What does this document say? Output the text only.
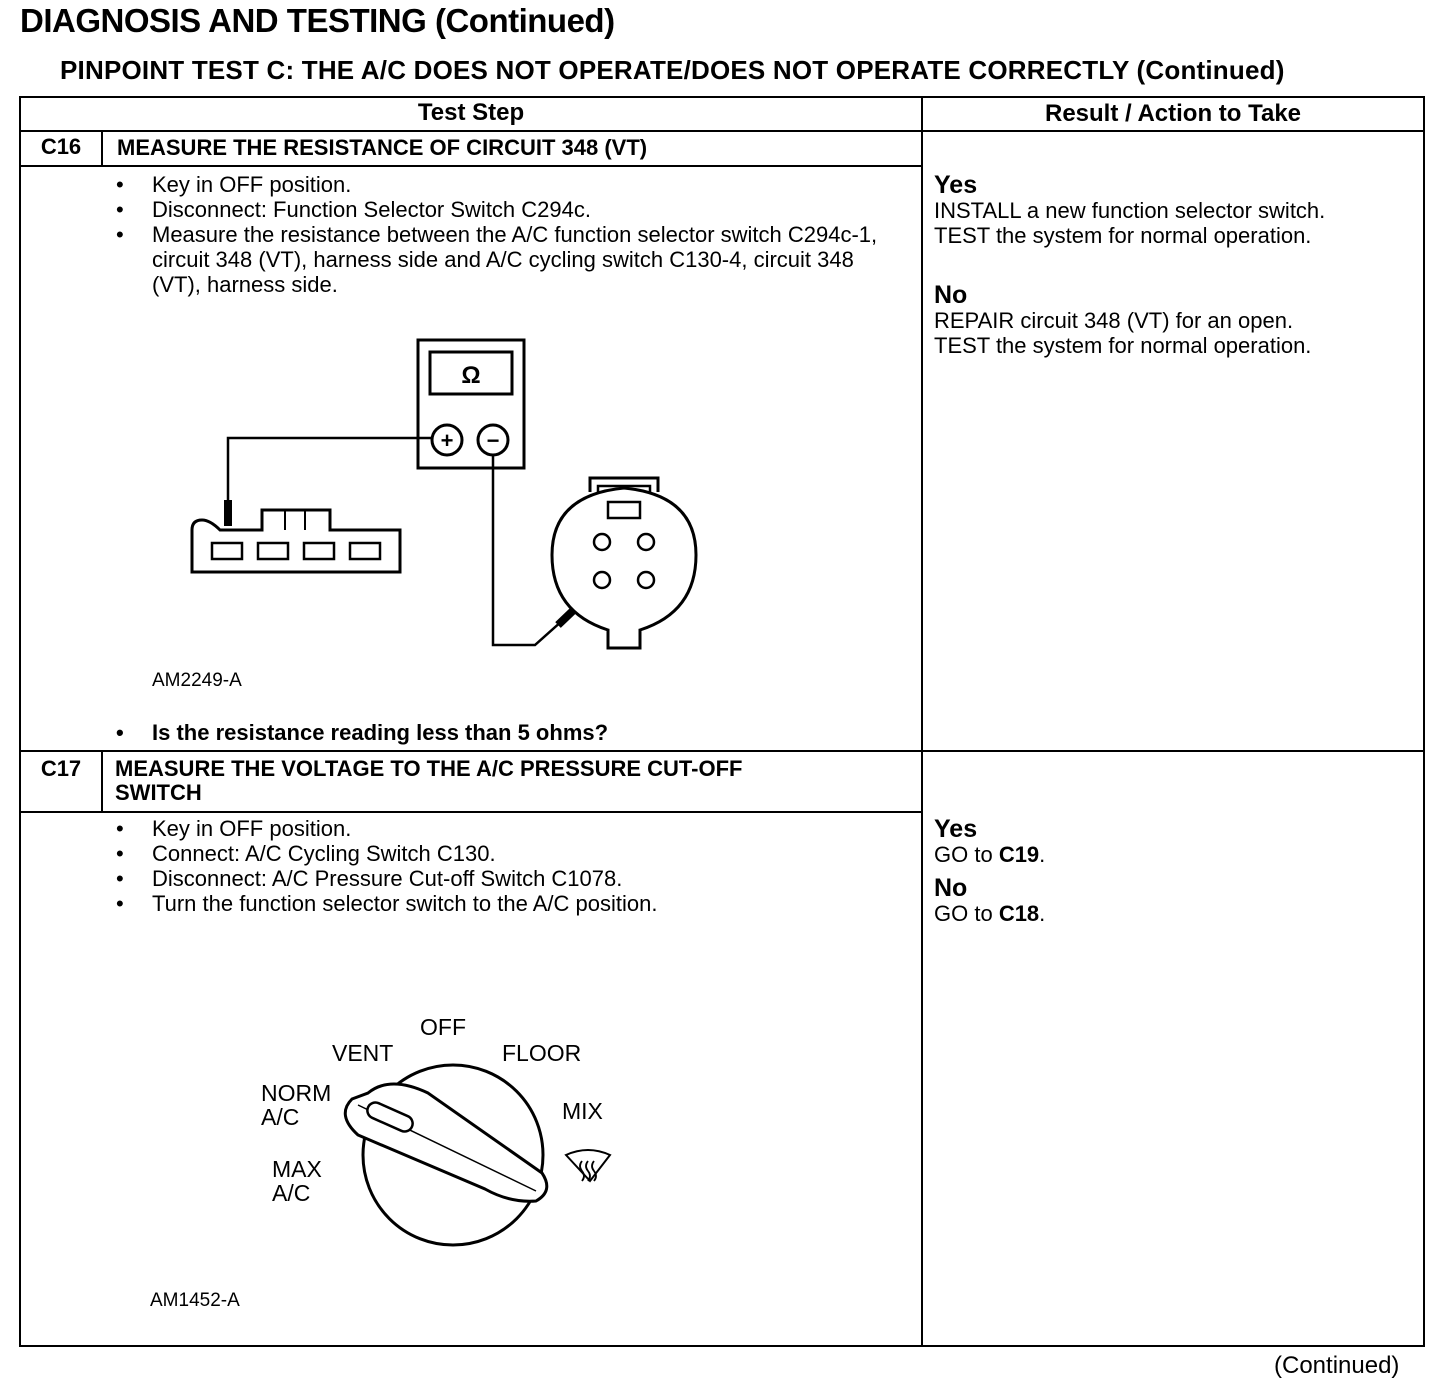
DIAGNOSIS AND TESTING (Continued)
PINPOINT TEST C: THE A/C DOES NOT OPERATE/DOES NOT OPERATE CORRECTLY (Continued)
Test Step	Result / Action to Take
C16	MEASURE THE RESISTANCE OF CIRCUIT 348 (VT)
• Key in OFF position.
• Disconnect: Function Selector Switch C294c.
• Measure the resistance between the A/C function selector switch C294c-1, circuit 348 (VT), harness side and A/C cycling switch C130-4, circuit 348 (VT), harness side.
Ω
+ −
AM2249-A
• Is the resistance reading less than 5 ohms?
Yes
INSTALL a new function selector switch.
TEST the system for normal operation.
No
REPAIR circuit 348 (VT) for an open.
TEST the system for normal operation.
C17	MEASURE THE VOLTAGE TO THE A/C PRESSURE CUT-OFF
SWITCH
• Key in OFF position.
• Connect: A/C Cycling Switch C130.
• Disconnect: A/C Pressure Cut-off Switch C1078.
• Turn the function selector switch to the A/C position.
OFF
VENT	FLOOR
NORM
A/C	MIX
MAX
A/C
AM1452-A
Yes
GO to C19.
No
GO to C18.
(Continued)
